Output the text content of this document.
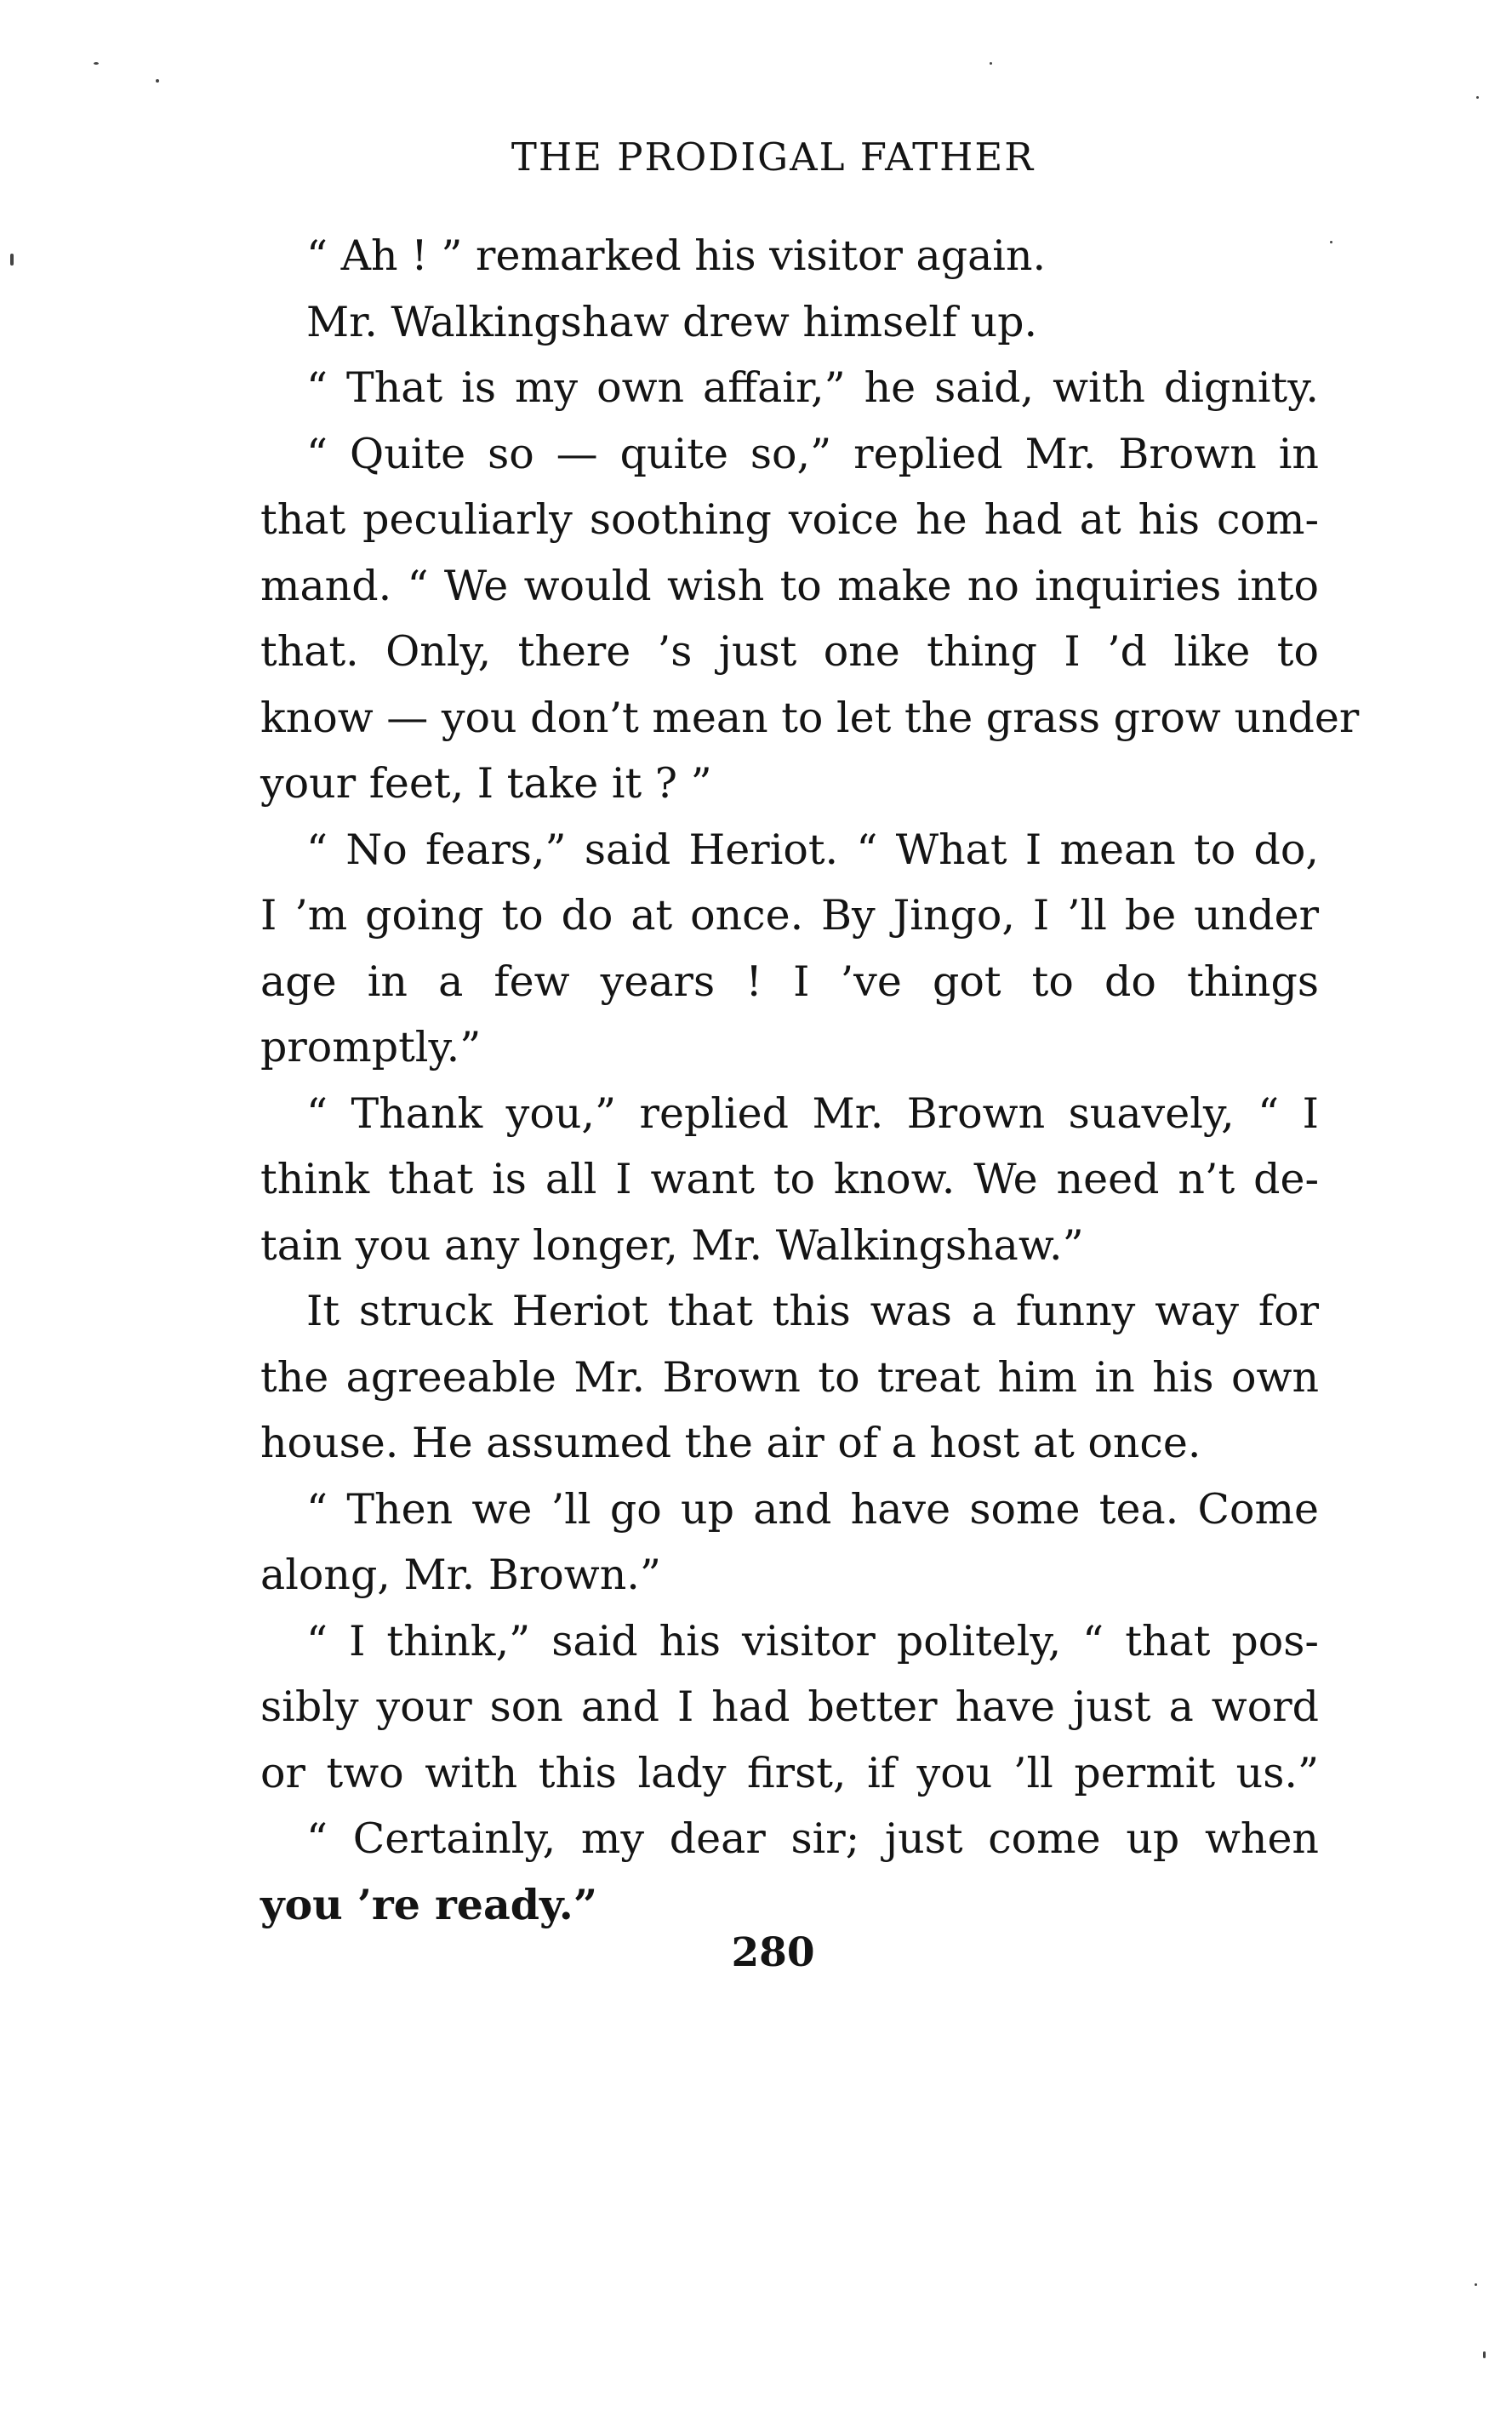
THE PRODIGAL FATHER
“ Ah ! ” remarked his visitor again.
Mr. Walkingshaw drew himself up.
“ That is my own affair,” he said, with dignity.
“ Quite so — quite so,” replied Mr. Brown in
that peculiarly soothing voice he had at his com-
mand. “ We would wish to make no inquiries into
that. Only, there ’s just one thing I ’d like to
know — you don’t mean to let the grass grow under
your feet, I take it ? ”
“ No fears,” said Heriot. “ What I mean to do,
I ’m going to do at once. By Jingo, I ’ll be under
age in a few years ! I ’ve got to do things
promptly.”
“ Thank you,” replied Mr. Brown suavely, “ I
think that is all I want to know. We need n’t de-
tain you any longer, Mr. Walkingshaw.”
It struck Heriot that this was a funny way for
the agreeable Mr. Brown to treat him in his own
house. He assumed the air of a host at once.
“ Then we ’ll go up and have some tea. Come
along, Mr. Brown.”
“ I think,” said his visitor politely, “ that pos-
sibly your son and I had better have just a word
or two with this lady first, if you ’ll permit us.”
“ Certainly, my dear sir; just come up when
you ’re ready.”
280
